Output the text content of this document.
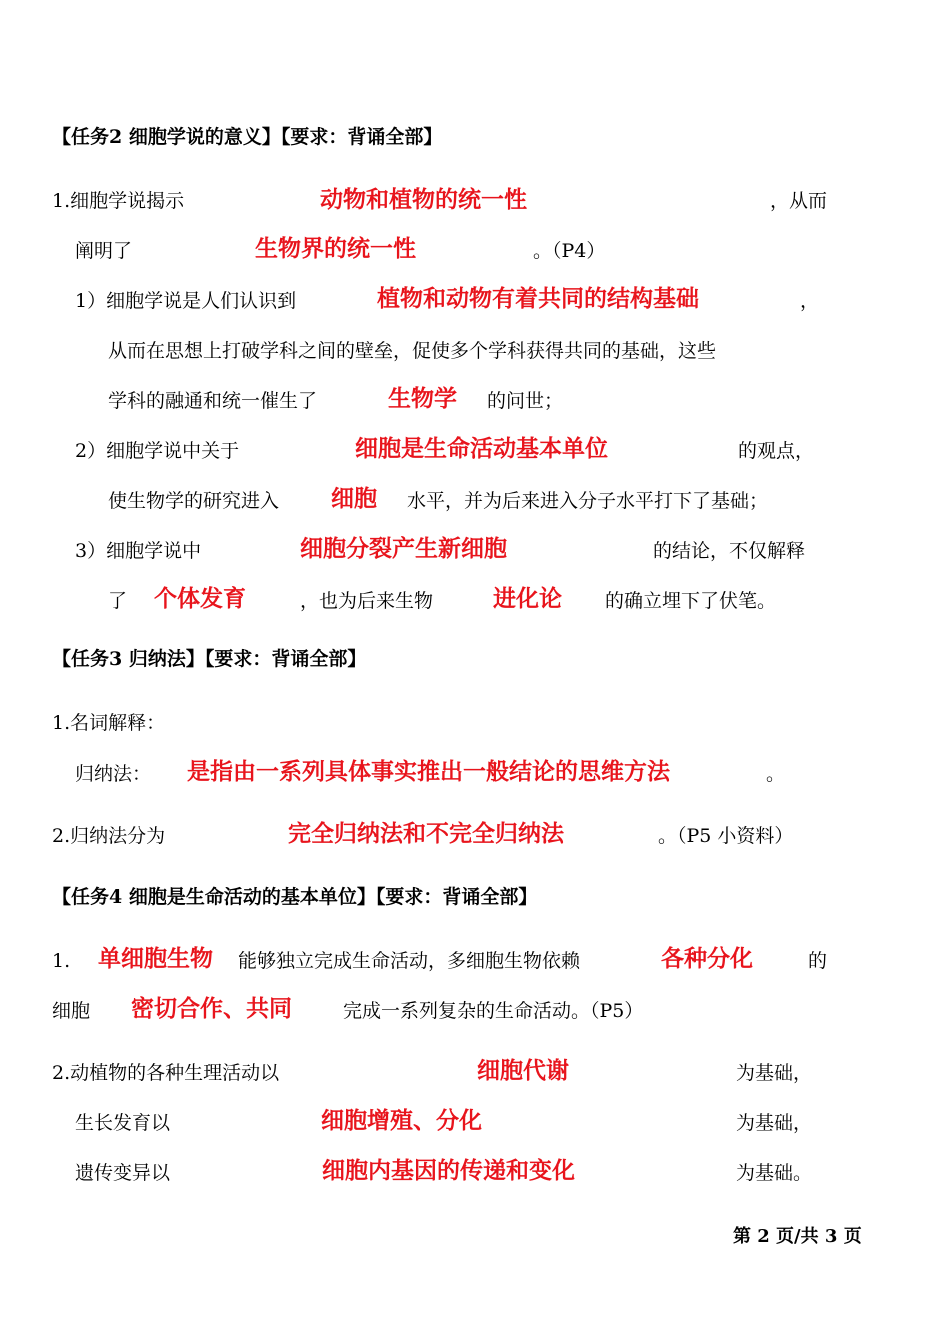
【任务2 细胞学说的意义】【要求：背诵全部】
1.细胞学说揭示	动物和植物的统一性	，从而
阐明了	生物界的统一性	。（P4）
1）细胞学说是人们认识到	植物和动物有着共同的结构基础	，
从而在思想上打破学科之间的壁垒，促使多个学科获得共同的基础，这些
学科的融通和统一催生了	生物学 的问世；
2）细胞学说中关于	细胞是生命活动基本单位	的观点，
使生物学的研究进入 细胞 水平，并为后来进入分子水平打下了基础；
3）细胞学说中	细胞分裂产生新细胞	的结论，不仅解释
了 个体发育	，也为后来生物	进化论 的确立埋下了伏笔。
【任务3 归纳法】【要求：背诵全部】
1.名词解释：
归纳法： 是指由一系列具体事实推出一般结论的思维方法	。
2.归纳法分为	完全归纳法和不完全归纳法	。（P5 小资料）
【任务4 细胞是生命活动的基本单位】【要求：背诵全部】
1. 单细胞生物 能够独立完成生命活动，多细胞生物依赖	各种分化	的
细胞 密切合作、共同	完成一系列复杂的生命活动。（P5）
2.动植物的各种生理活动以	细胞代谢	为基础，
生长发育以	细胞增殖、分化	为基础，
遗传变异以	细胞内基因的传递和变化	为基础。
第 2 页/共 3 页
